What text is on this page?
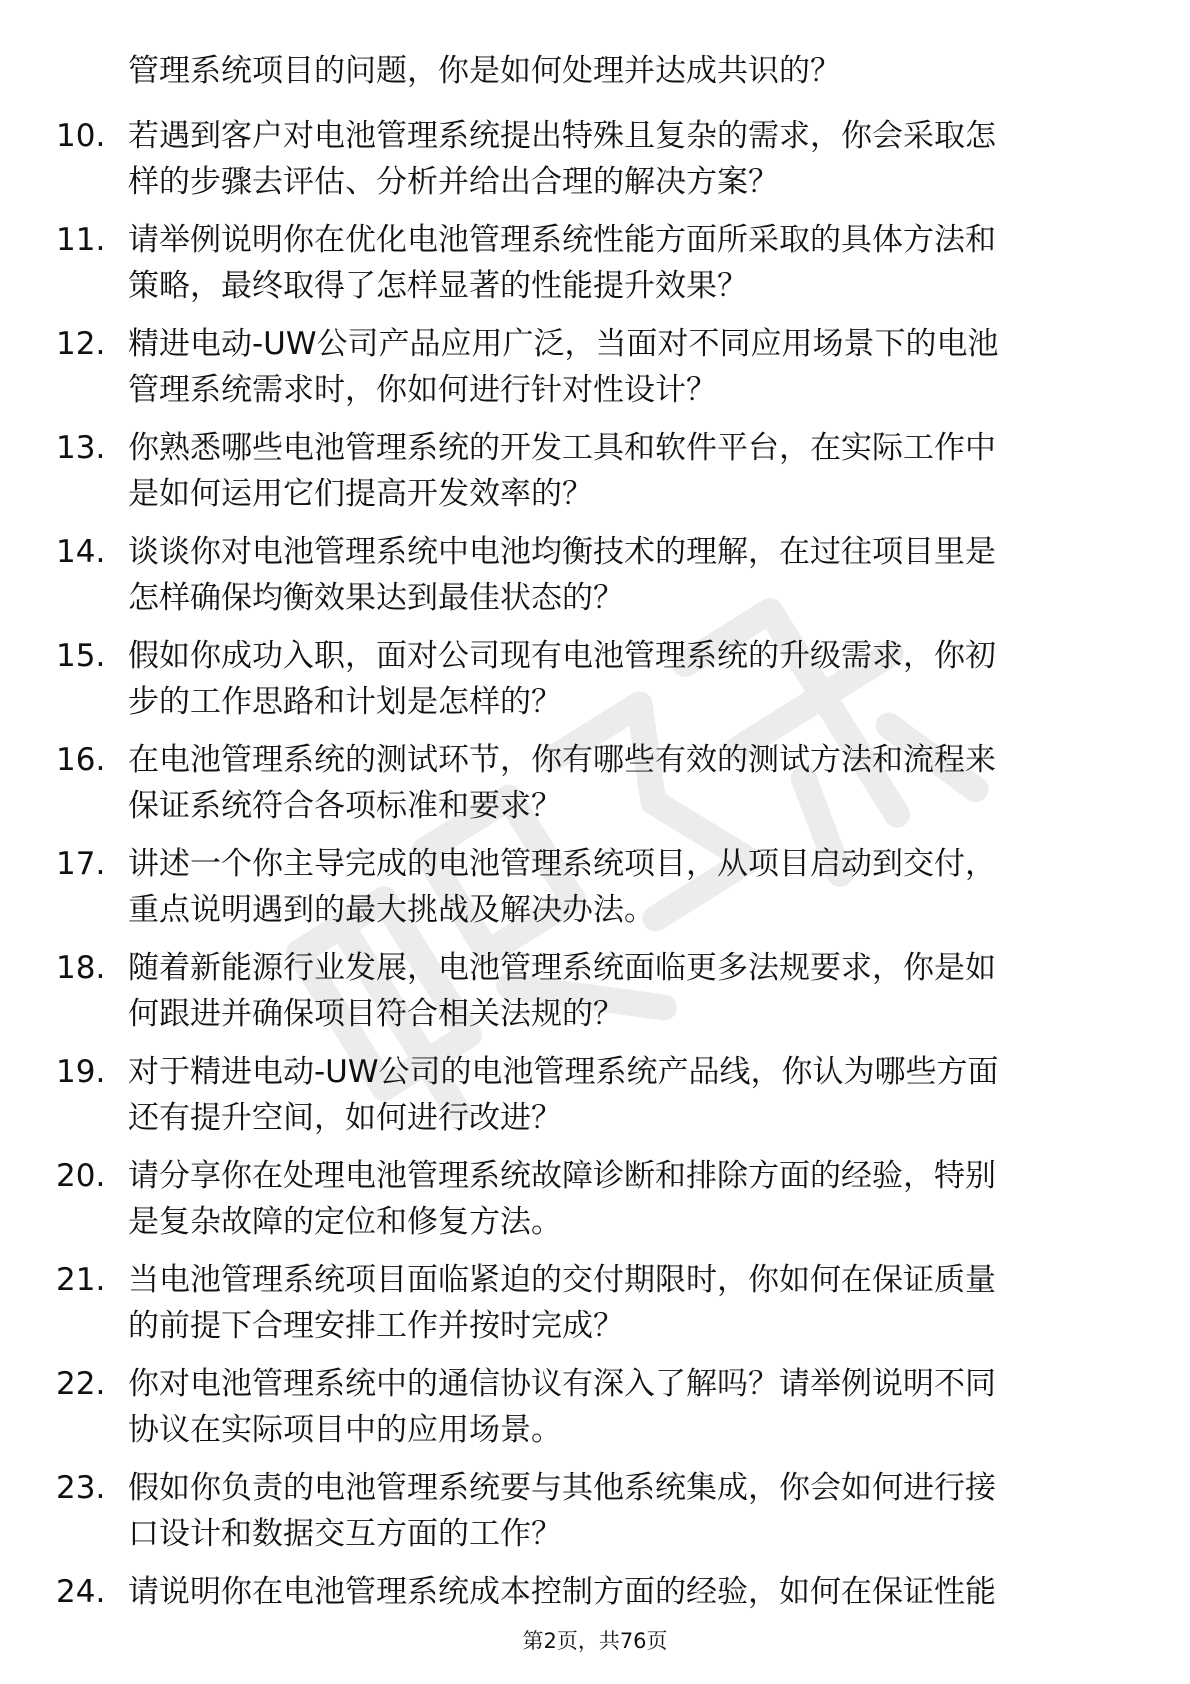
管理系统项目的问题，你是如何处理并达成共识的？
10. 若遇到客户对电池管理系统提出特殊且复杂的需求，你会采取怎
样的步骤去评估、分析并给出合理的解决方案？
11. 请举例说明你在优化电池管理系统性能方面所采取的具体方法和
策略，最终取得了怎样显著的性能提升效果？
12. 精进电动-UW公司产品应用广泛，当面对不同应用场景下的电池
管理系统需求时，你如何进行针对性设计？
13. 你熟悉哪些电池管理系统的开发工具和软件平台，在实际工作中
是如何运用它们提高开发效率的？
14. 谈谈你对电池管理系统中电池均衡技术的理解，在过往项目里是
怎样确保均衡效果达到最佳状态的？
15. 假如你成功入职，面对公司现有电池管理系统的升级需求，你初
步的工作思路和计划是怎样的？
16. 在电池管理系统的测试环节，你有哪些有效的测试方法和流程来
保证系统符合各项标准和要求？
17. 讲述一个你主导完成的电池管理系统项目，从项目启动到交付，
重点说明遇到的最大挑战及解决办法。
18. 随着新能源行业发展，电池管理系统面临更多法规要求，你是如
何跟进并确保项目符合相关法规的？
19. 对于精进电动-UW公司的电池管理系统产品线，你认为哪些方面
还有提升空间，如何进行改进？
20. 请分享你在处理电池管理系统故障诊断和排除方面的经验，特别
是复杂故障的定位和修复方法。
21. 当电池管理系统项目面临紧迫的交付期限时，你如何在保证质量
的前提下合理安排工作并按时完成？
22. 你对电池管理系统中的通信协议有深入了解吗？请举例说明不同
协议在实际项目中的应用场景。
23. 假如你负责的电池管理系统要与其他系统集成，你会如何进行接
口设计和数据交互方面的工作？
24. 请说明你在电池管理系统成本控制方面的经验，如何在保证性能
第2页，共76页
